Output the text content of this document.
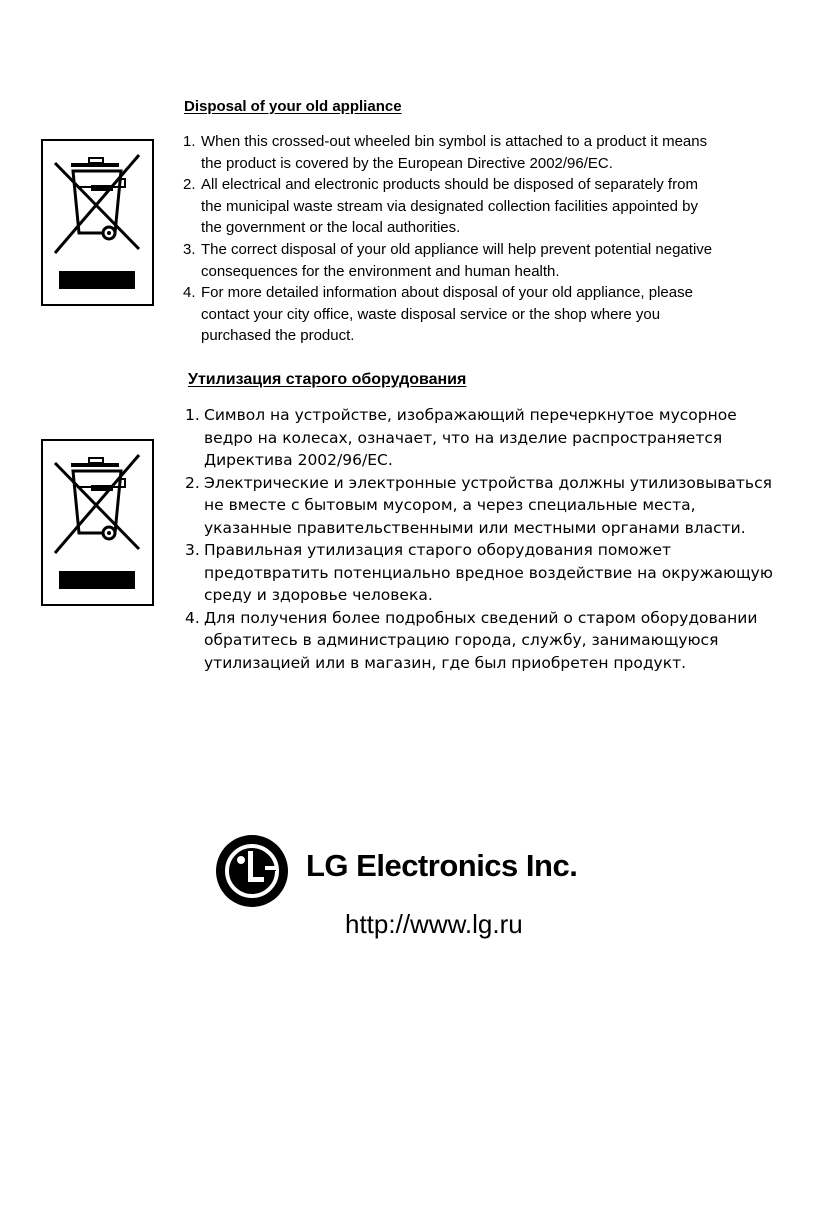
Disposal of your old appliance
1. When this crossed-out wheeled bin symbol is attached to a product it means
the product is covered by the European Directive 2002/96/EC.
2. All electrical and electronic products should be disposed of separately from
the municipal waste stream via designated collection facilities appointed by
the government or the local authorities.
3. The correct disposal of your old appliance will help prevent potential negative
consequences for the environment and human health.
4. For more detailed information about disposal of your old appliance, please
contact your city office, waste disposal service or the shop where you
purchased the product.
Утилизация старого оборудования
1. Символ на устройстве, изображающий перечеркнутое мусорное
ведро на колесах, означает, что на изделие распространяется
Директива 2002/96/EC.
2. Электрические и электронные устройства должны утилизовываться
не вместе с бытовым мусором, а через специальные места,
указанные правительственными или местными органами власти.
3. Правильная утилизация старого оборудования поможет
предотвратить потенциально вредное воздействие на окружающую
среду и здоровье человека.
4. Для получения более подробных сведений о старом оборудовании
обратитесь в администрацию города, службу, занимающуюся
утилизацией или в магазин, где был приобретен продукт.

LG Electronics Inc.

http://www.lg.ru
